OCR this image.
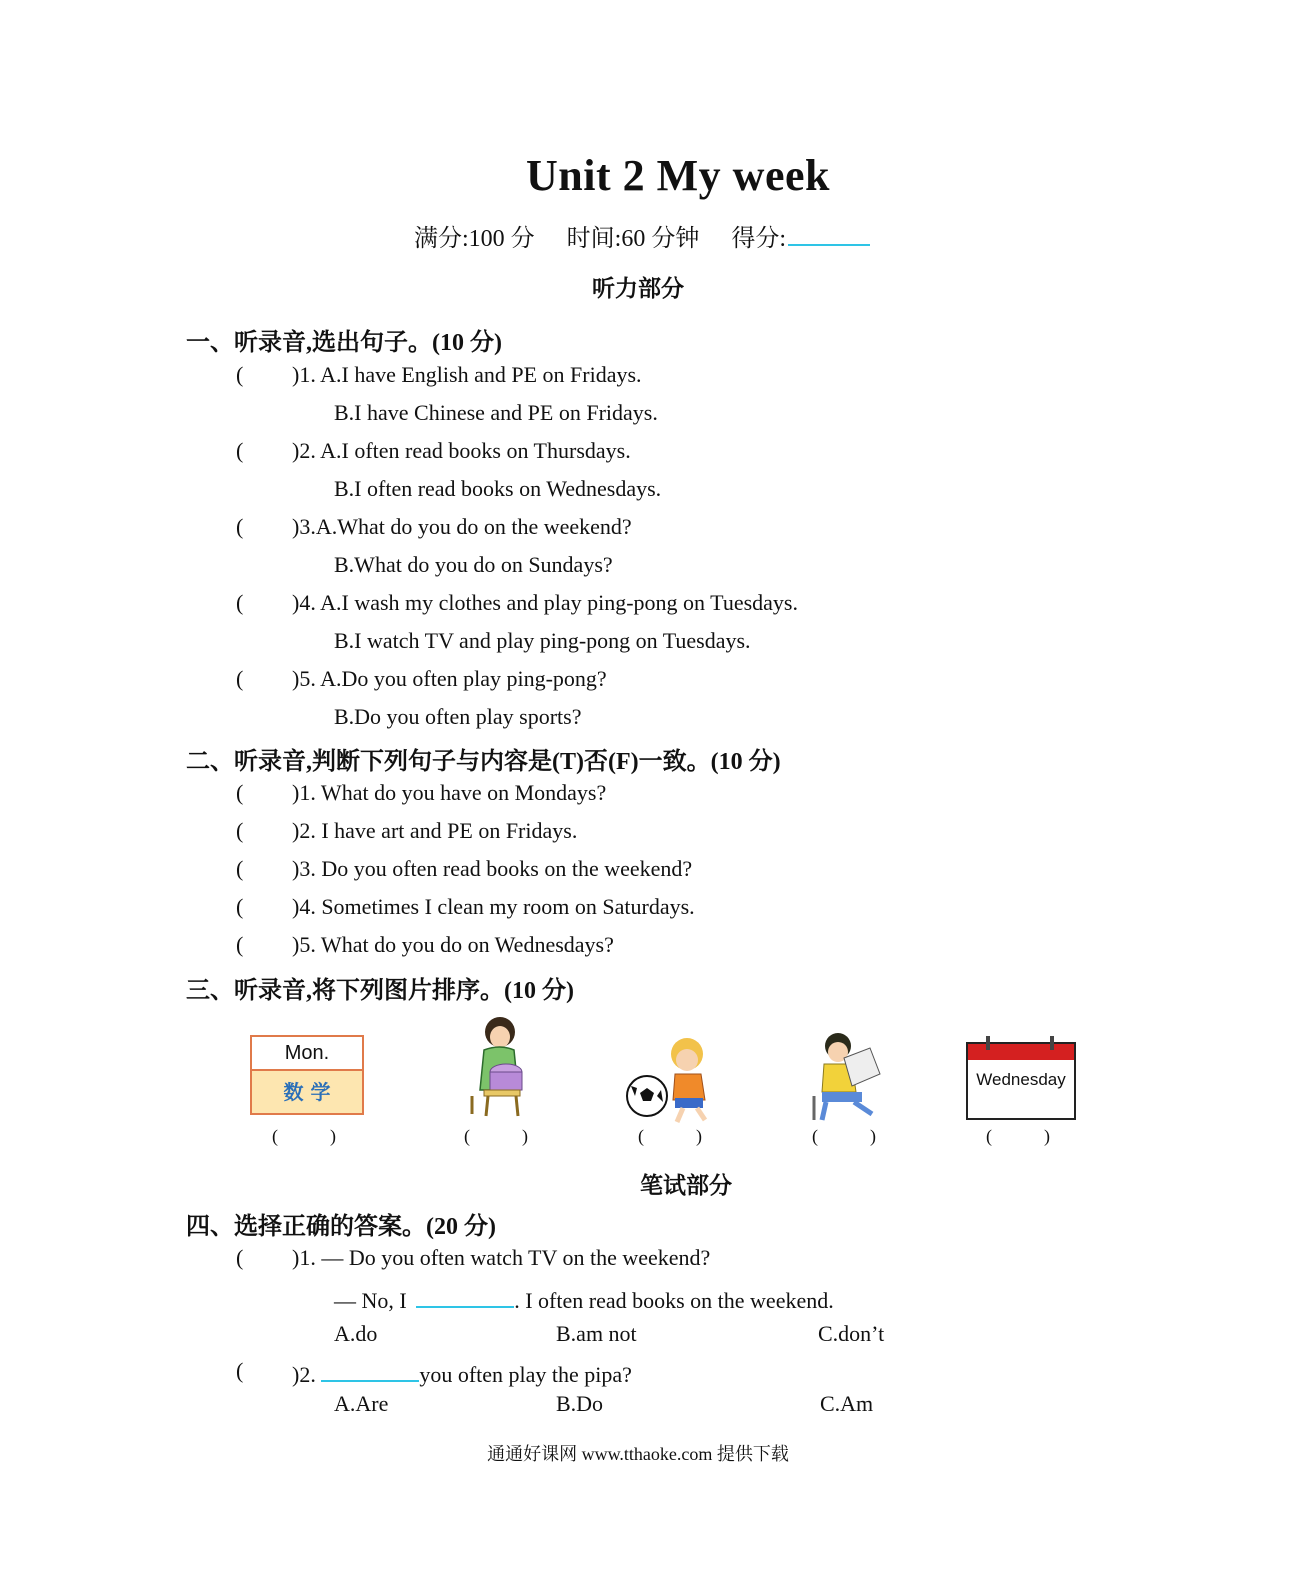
Unit 2 My week
满分:100 分 时间:60 分钟 得分:
听力部分
一、听录音,选出句子。(10 分)
( )1. A.I have English and PE on Fridays.
B.I have Chinese and PE on Fridays.
( )2. A.I often read books on Thursdays.
B.I often read books on Wednesdays.
( )3.A.What do you do on the weekend?
B.What do you do on Sundays?
( )4. A.I wash my clothes and play ping-pong on Tuesdays.
B.I watch TV and play ping-pong on Tuesdays.
( )5. A.Do you often play ping-pong?
B.Do you often play sports?
二、听录音,判断下列句子与内容是(T)否(F)一致。(10 分)
( )1. What do you have on Mondays?
( )2. I have art and PE on Fridays.
( )3. Do you often read books on the weekend?
( )4. Sometimes I clean my room on Saturdays.
( )5. What do you do on Wednesdays?
三、听录音,将下列图片排序。(10 分)
Mon.
数 学
Wednesday
(	)	(	)	(	)	(	)	(	)
笔试部分
四、选择正确的答案。(20 分)
( )1. — Do you often watch TV on the weekend?
— No, I	. I often read books on the weekend.
A.do	B.am not	C.don’t
( )2.	you often play the pipa?
A.Are	B.Do	C.Am
通通好课网 www.tthaoke.com 提供下载
